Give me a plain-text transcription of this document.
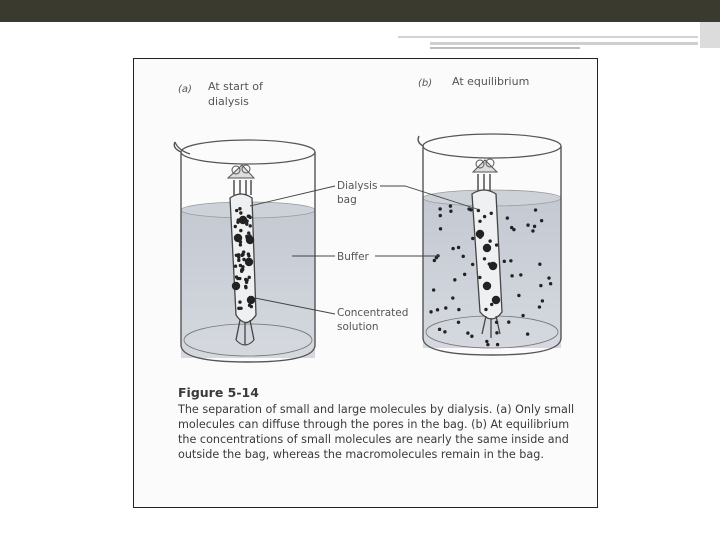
(a) At start of
dialysis
(b) At equilibrium
Dialysis
bag
Buffer
Concentrated
solution

Figure 5-14

The separation of small and large molecules by dialysis. (a) Only small molecules can diffuse through the pores in the bag. (b) At equilibrium the concentrations of small molecules are nearly the same inside and outside the bag, whereas the macromolecules remain in the bag.
